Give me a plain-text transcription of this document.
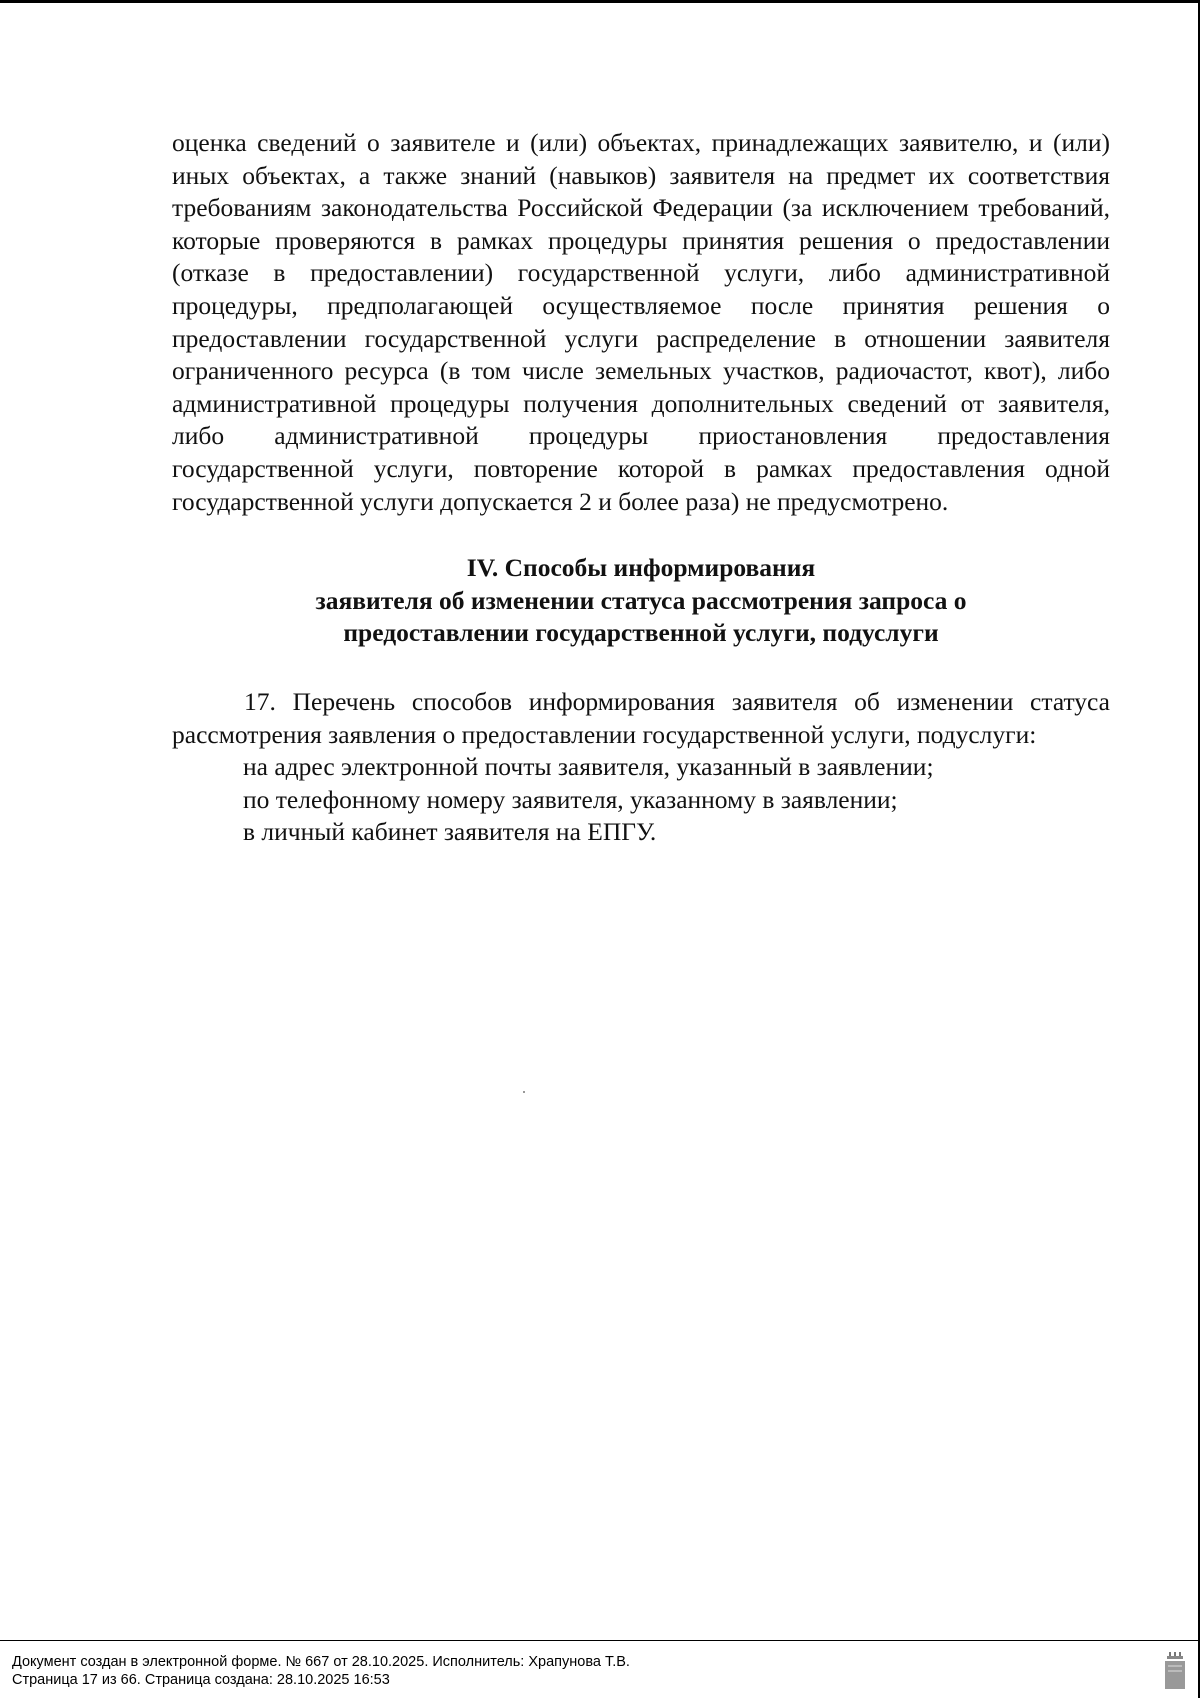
оценка сведений о заявителе и (или) объектах, принадлежащих заявителю, и (или) иных объектах, а также знаний (навыков) заявителя на предмет их соответствия требованиям законодательства Российской Федерации (за исключением требований, которые проверяются в рамках процедуры принятия решения о предоставлении (отказе в предоставлении) государственной услуги, либо административной процедуры, предполагающей осуществляемое после принятия решения о предоставлении государственной услуги распределение в отношении заявителя ограниченного ресурса (в том числе земельных участков, радиочастот, квот), либо административной процедуры получения дополнительных сведений от заявителя, либо административной процедуры приостановления предоставления государственной услуги, повторение которой в рамках предоставления одной государственной услуги допускается 2 и более раза) не предусмотрено.

IV. Способы информирования
заявителя об изменении статуса рассмотрения запроса о
предоставлении государственной услуги, подуслуги

17. Перечень способов информирования заявителя об изменении статуса рассмотрения заявления о предоставлении государственной услуги, подуслуги:

на адрес электронной почты заявителя, указанный в заявлении;

по телефонному номеру заявителя, указанному в заявлении;

в личный кабинет заявителя на ЕПГУ.

Документ создан в электронной форме. № 667 от 28.10.2025. Исполнитель: Храпунова Т.В.
Страница 17 из 66. Страница создана: 28.10.2025 16:53
